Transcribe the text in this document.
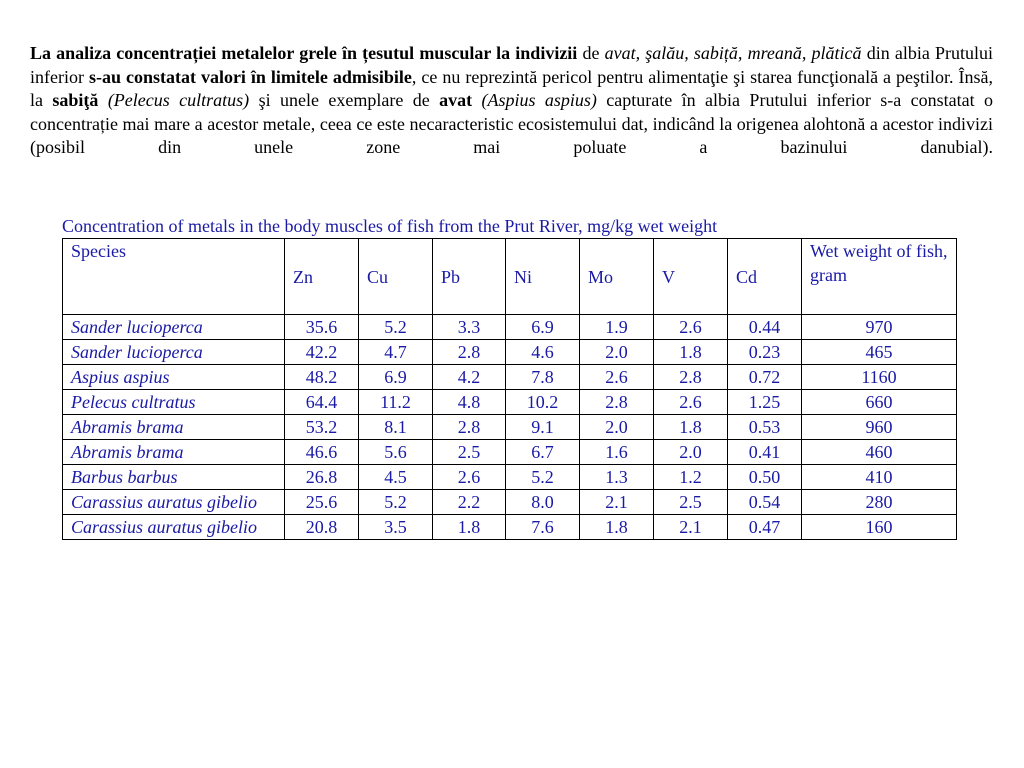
La analiza concentrației metalelor grele în țesutul muscular la indivizii de avat, şalău, sabiță, mreană, plătică din albia Prutului inferior s-au constatat valori în limitele admisibile, ce nu reprezintă pericol pentru alimentaţie şi starea funcţională a peştilor. Însă, la sabiţă (Pelecus cultratus) şi unele exemplare de avat (Aspius aspius) capturate în albia Prutului inferior s-a constatat o concentrație mai mare a acestor metale, ceea ce este necaracteristic ecosistemului dat, indicând la origenea alohtonă a acestor indivizi (posibil din unele zone mai poluate a bazinului danubial).
Concentration of metals in the body muscles of fish from the Prut River, mg/kg wet weight
Species	Zn	Cu	Pb	Ni	Mo	V	Cd	Wet weight of fish, gram
Sander lucioperca	35.6	5.2	3.3	6.9	1.9	2.6	0.44	970
Sander lucioperca	42.2	4.7	2.8	4.6	2.0	1.8	0.23	465
Aspius aspius	48.2	6.9	4.2	7.8	2.6	2.8	0.72	1160
Pelecus cultratus	64.4	11.2	4.8	10.2	2.8	2.6	1.25	660
Abramis brama	53.2	8.1	2.8	9.1	2.0	1.8	0.53	960
Abramis brama	46.6	5.6	2.5	6.7	1.6	2.0	0.41	460
Barbus barbus	26.8	4.5	2.6	5.2	1.3	1.2	0.50	410
Carassius auratus gibelio	25.6	5.2	2.2	8.0	2.1	2.5	0.54	280
Carassius auratus gibelio	20.8	3.5	1.8	7.6	1.8	2.1	0.47	160
